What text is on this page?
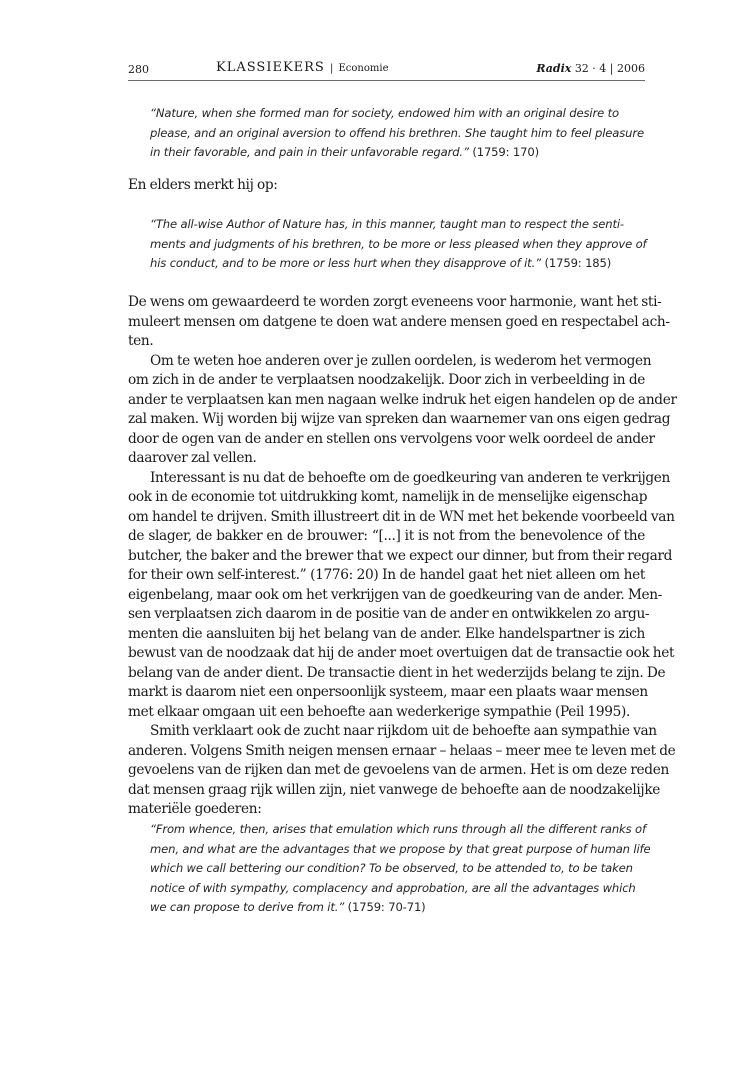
280	KLASSIEKERS | Economie	Radix 32 · 4 | 2006
“Nature, when she formed man for society, endowed him with an original desire to
please, and an original aversion to offend his brethren. She taught him to feel pleasure
in their favorable, and pain in their unfavorable regard.” (1759: 170)
En elders merkt hij op:
“The all-wise Author of Nature has, in this manner, taught man to respect the senti-
ments and judgments of his brethren, to be more or less pleased when they approve of
his conduct, and to be more or less hurt when they disapprove of it.” (1759: 185)
De wens om gewaardeerd te worden zorgt eveneens voor harmonie, want het sti-
muleert mensen om datgene te doen wat andere mensen goed en respectabel ach-
ten.
Om te weten hoe anderen over je zullen oordelen, is wederom het vermogen
om zich in de ander te verplaatsen noodzakelijk. Door zich in verbeelding in de
ander te verplaatsen kan men nagaan welke indruk het eigen handelen op de ander
zal maken. Wij worden bij wijze van spreken dan waarnemer van ons eigen gedrag
door de ogen van de ander en stellen ons vervolgens voor welk oordeel de ander
daarover zal vellen.
Interessant is nu dat de behoefte om de goedkeuring van anderen te verkrijgen
ook in de economie tot uitdrukking komt, namelijk in de menselijke eigenschap
om handel te drijven. Smith illustreert dit in de WN met het bekende voorbeeld van
de slager, de bakker en de brouwer: “[...] it is not from the benevolence of the
butcher, the baker and the brewer that we expect our dinner, but from their regard
for their own self-interest.” (1776: 20) In de handel gaat het niet alleen om het
eigenbelang, maar ook om het verkrijgen van de goedkeuring van de ander. Men-
sen verplaatsen zich daarom in de positie van de ander en ontwikkelen zo argu-
menten die aansluiten bij het belang van de ander. Elke handelspartner is zich
bewust van de noodzaak dat hij de ander moet overtuigen dat de transactie ook het
belang van de ander dient. De transactie dient in het wederzijds belang te zijn. De
markt is daarom niet een onpersoonlijk systeem, maar een plaats waar mensen
met elkaar omgaan uit een behoefte aan wederkerige sympathie (Peil 1995).
Smith verklaart ook de zucht naar rijkdom uit de behoefte aan sympathie van
anderen. Volgens Smith neigen mensen ernaar – helaas – meer mee te leven met de
gevoelens van de rijken dan met de gevoelens van de armen. Het is om deze reden
dat mensen graag rijk willen zijn, niet vanwege de behoefte aan de noodzakelijke
materiële goederen:
“From whence, then, arises that emulation which runs through all the different ranks of
men, and what are the advantages that we propose by that great purpose of human life
which we call bettering our condition? To be observed, to be attended to, to be taken
notice of with sympathy, complacency and approbation, are all the advantages which
we can propose to derive from it.” (1759: 70-71)
